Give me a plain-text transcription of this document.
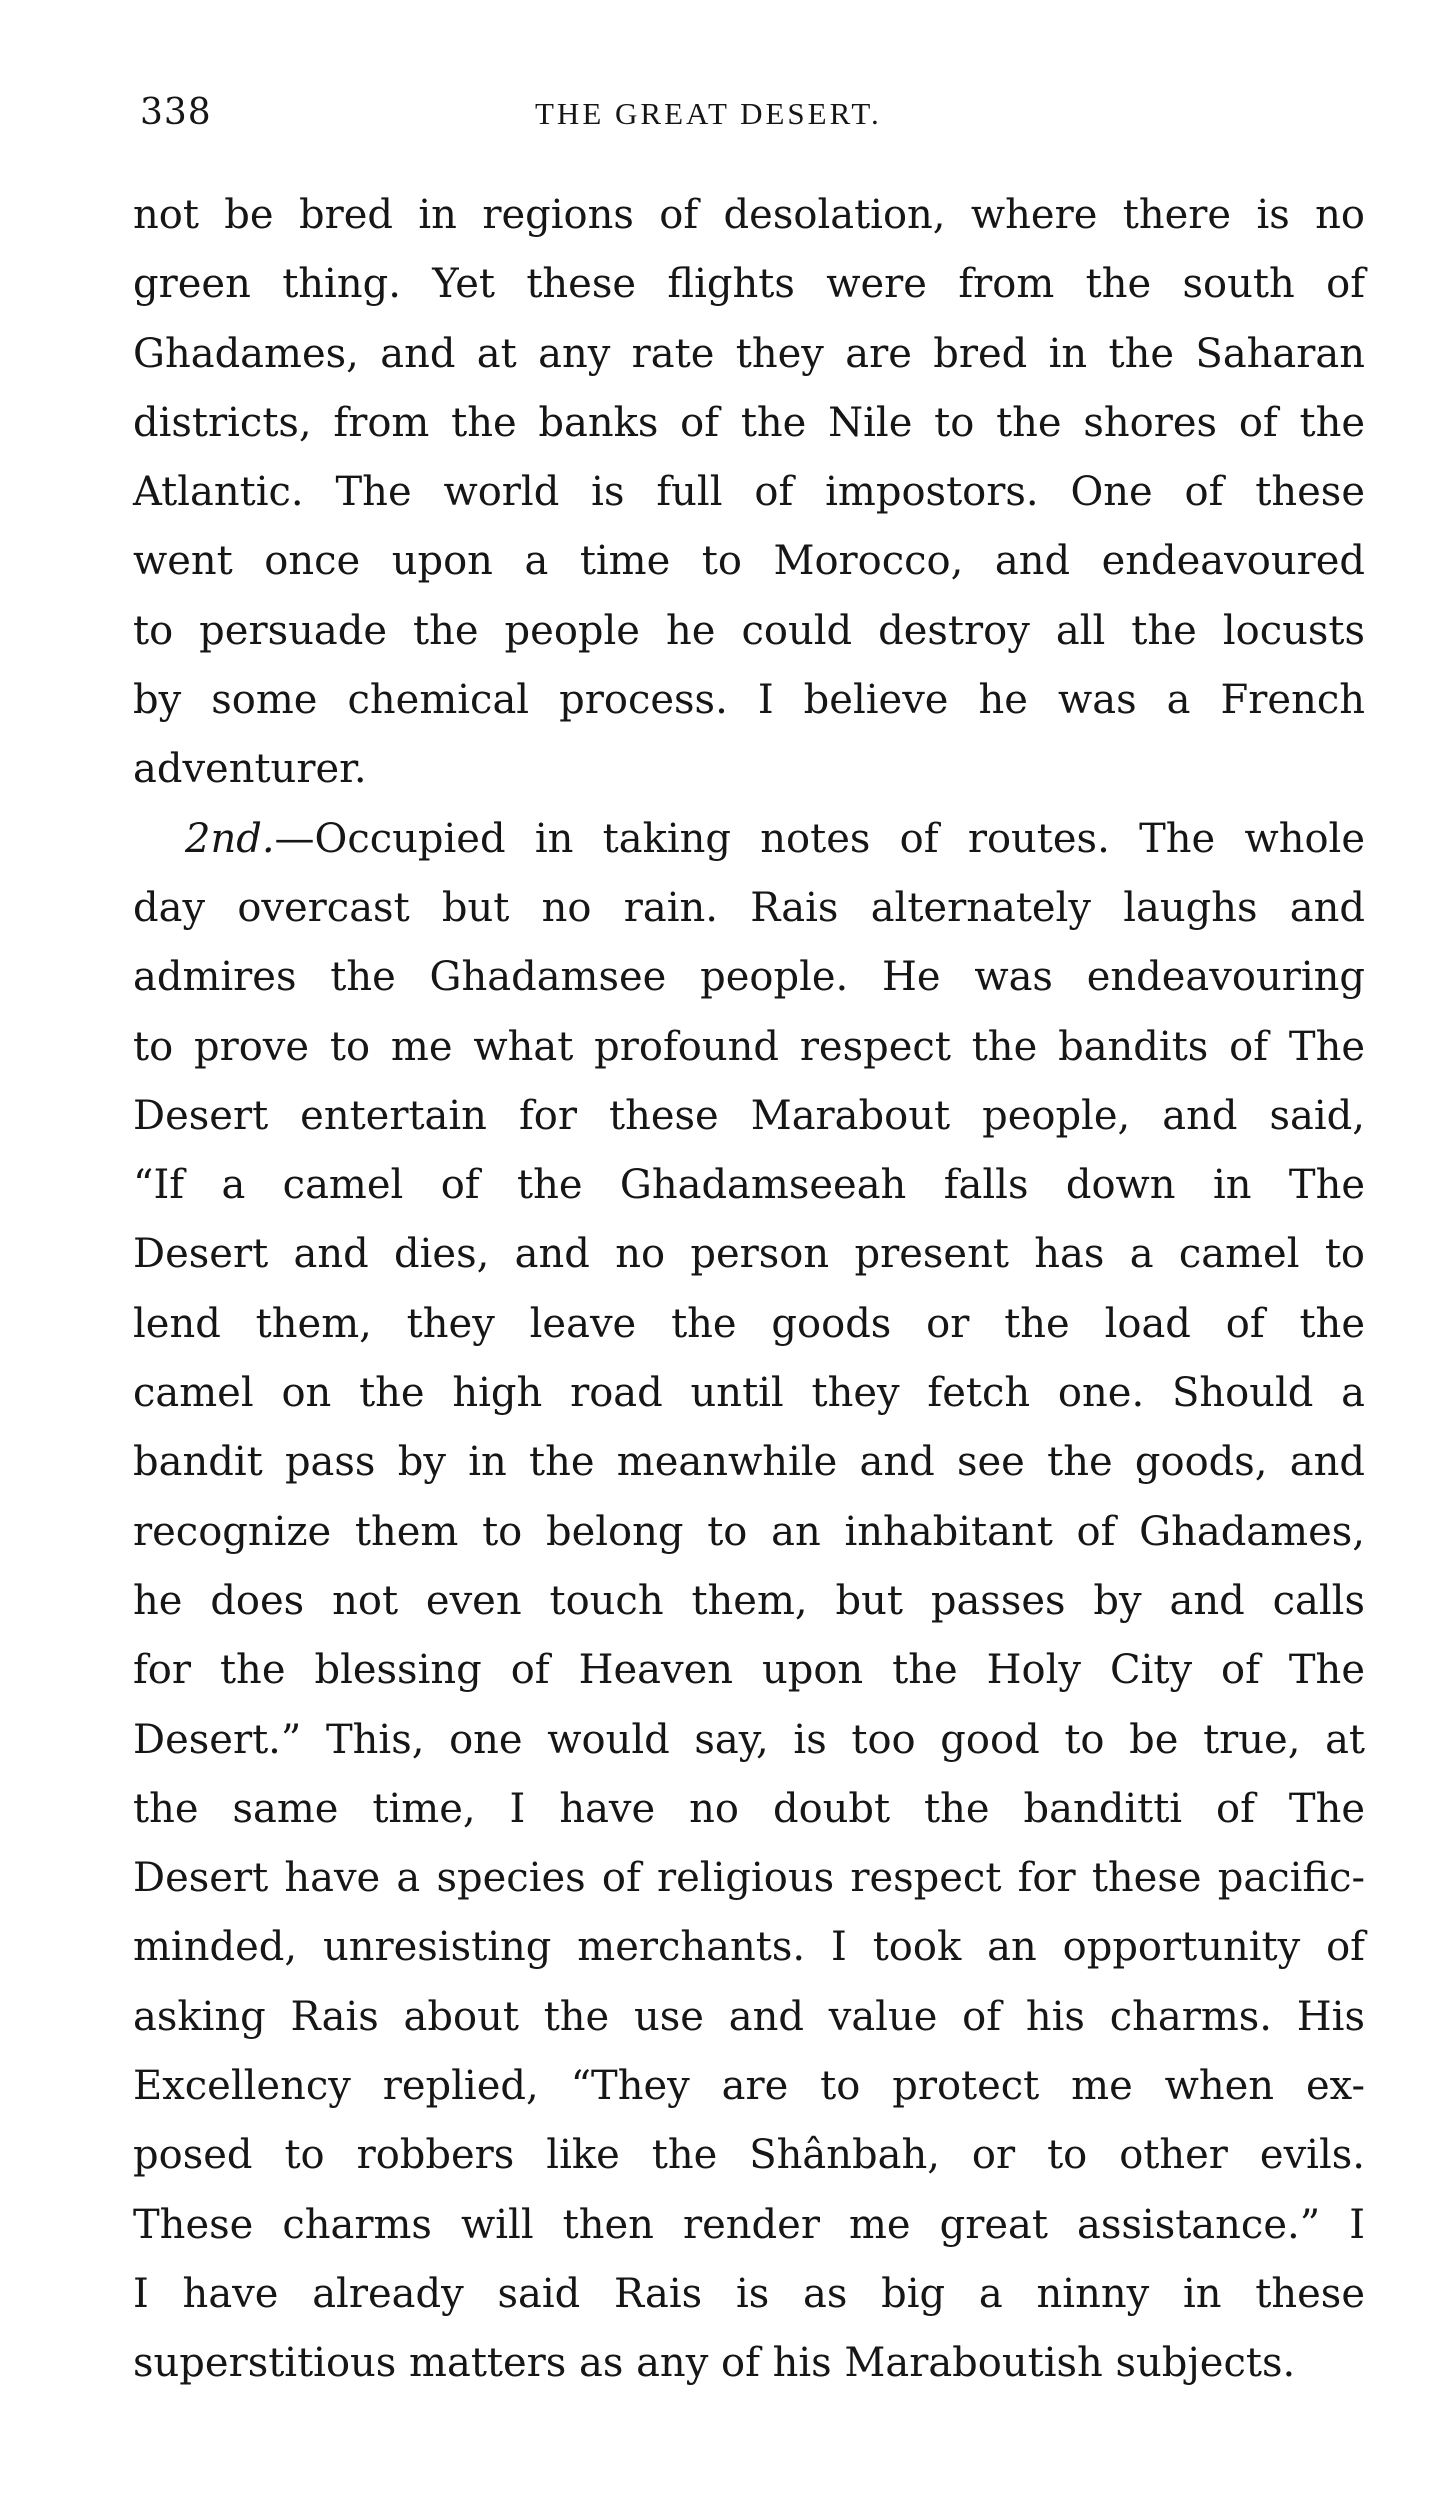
338	THE GREAT DESERT.
not be bred in regions of desolation, where there is no
green thing. Yet these flights were from the south of
Ghadames, and at any rate they are bred in the Saharan
districts, from the banks of the Nile to the shores of the
Atlantic. The world is full of impostors. One of these
went once upon a time to Morocco, and endeavoured
to persuade the people he could destroy all the locusts
by some chemical process. I believe he was a French
adventurer.
2nd.—Occupied in taking notes of routes. The whole
day overcast but no rain. Rais alternately laughs and
admires the Ghadamsee people. He was endeavouring
to prove to me what profound respect the bandits of The
Desert entertain for these Marabout people, and said,
“If a camel of the Ghadamseeah falls down in The
Desert and dies, and no person present has a camel to
lend them, they leave the goods or the load of the
camel on the high road until they fetch one. Should a
bandit pass by in the meanwhile and see the goods, and
recognize them to belong to an inhabitant of Ghadames,
he does not even touch them, but passes by and calls
for the blessing of Heaven upon the Holy City of The
Desert.” This, one would say, is too good to be true, at
the same time, I have no doubt the banditti of The
Desert have a species of religious respect for these pacific-
minded, unresisting merchants. I took an opportunity of
asking Rais about the use and value of his charms. His
Excellency replied, “They are to protect me when ex-
posed to robbers like the Shânbah, or to other evils.
These charms will then render me great assistance.” I
I have already said Rais is as big a ninny in these
superstitious matters as any of his Maraboutish subjects.
